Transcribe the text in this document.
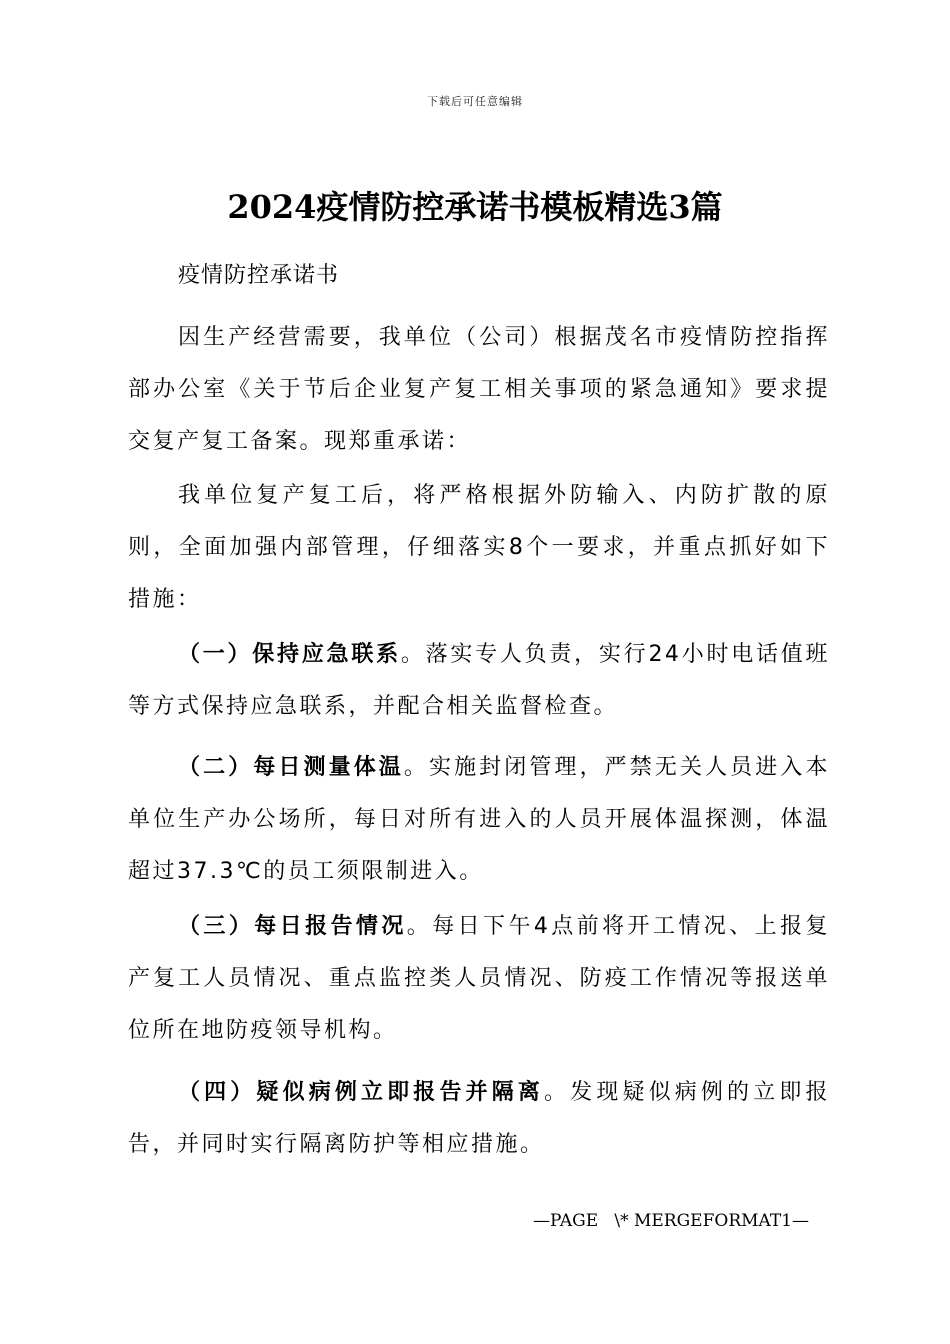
下载后可任意编辑
2024疫情防控承诺书模板精选3篇
疫情防控承诺书

因生产经营需要，我单位（公司）根据茂名市疫情防控指挥部办公室《关于节后企业复产复工相关事项的紧急通知》要求提交复产复工备案。现郑重承诺：

我单位复产复工后，将严格根据外防输入、内防扩散的原则，全面加强内部管理，仔细落实8个一要求，并重点抓好如下措施：

（一）保持应急联系。落实专人负责，实行24小时电话值班等方式保持应急联系，并配合相关监督检查。

（二）每日测量体温。实施封闭管理，严禁无关人员进入本单位生产办公场所，每日对所有进入的人员开展体温探测，体温超过37.3℃的员工须限制进入。

（三）每日报告情况。每日下午4点前将开工情况、上报复产复工人员情况、重点监控类人员情况、防疫工作情况等报送单位所在地防疫领导机构。

（四）疑似病例立即报告并隔离。发现疑似病例的立即报告，并同时实行隔离防护等相应措施。

—PAGE   \* MERGEFORMAT1—
